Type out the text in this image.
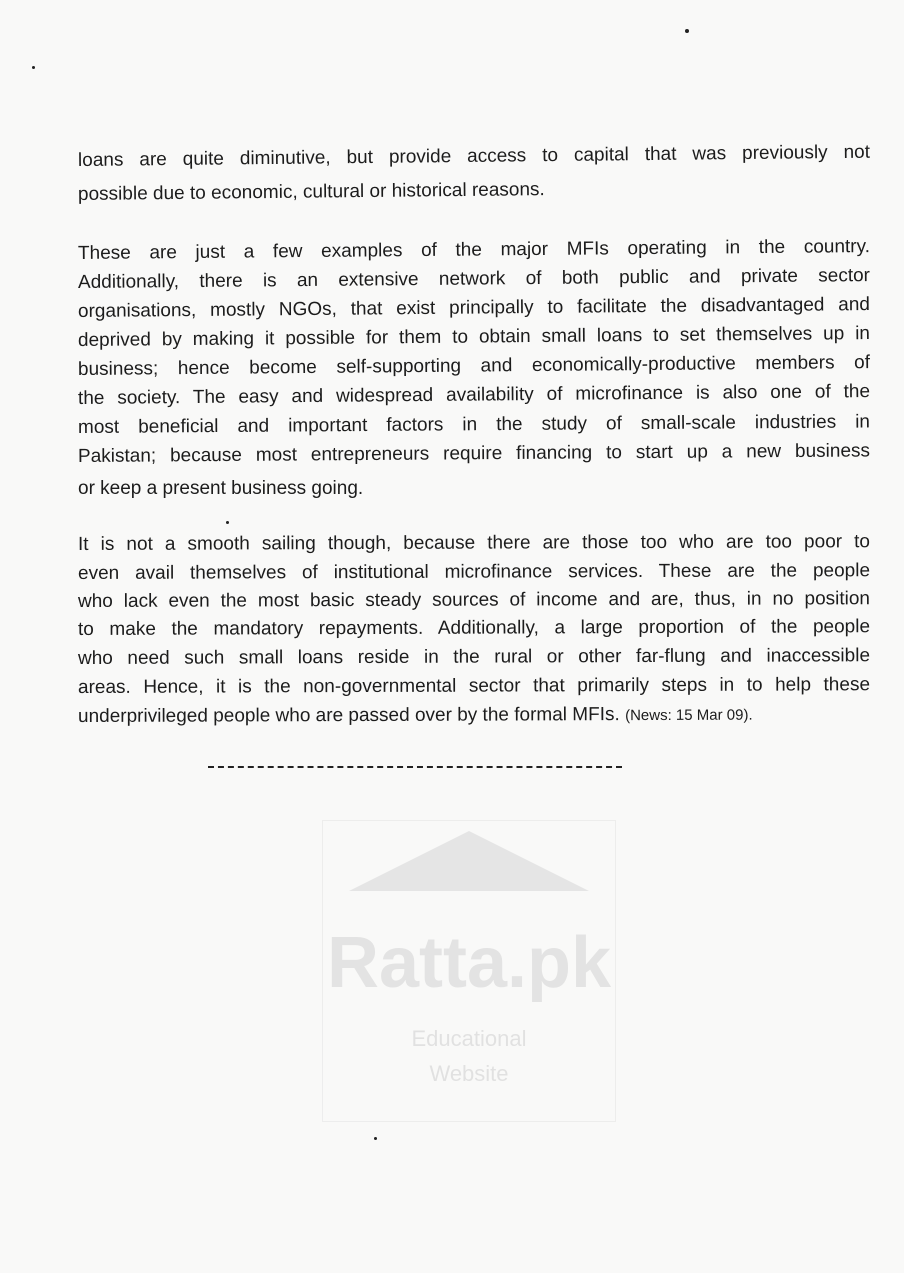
loans are quite diminutive, but provide access to capital that was previously not
possible due to economic, cultural or historical reasons.
These are just a few examples of the major MFIs operating in the country.
Additionally, there is an extensive network of both public and private sector
organisations, mostly NGOs, that exist principally to facilitate the disadvantaged and
deprived by making it possible for them to obtain small loans to set themselves up in
business; hence become self-supporting and economically-productive members of
the society. The easy and widespread availability of microfinance is also one of the
most beneficial and important factors in the study of small-scale industries in
Pakistan; because most entrepreneurs require financing to start up a new business
or keep a present business going.
It is not a smooth sailing though, because there are those too who are too poor to
even avail themselves of institutional microfinance services. These are the people
who lack even the most basic steady sources of income and are, thus, in no position
to make the mandatory repayments. Additionally, a large proportion of the people
who need such small loans reside in the rural or other far-flung and inaccessible
areas. Hence, it is the non-governmental sector that primarily steps in to help these
underprivileged people who are passed over by the formal MFIs. (News: 15 Mar 09).
Ratta.pk
Educational
Website
